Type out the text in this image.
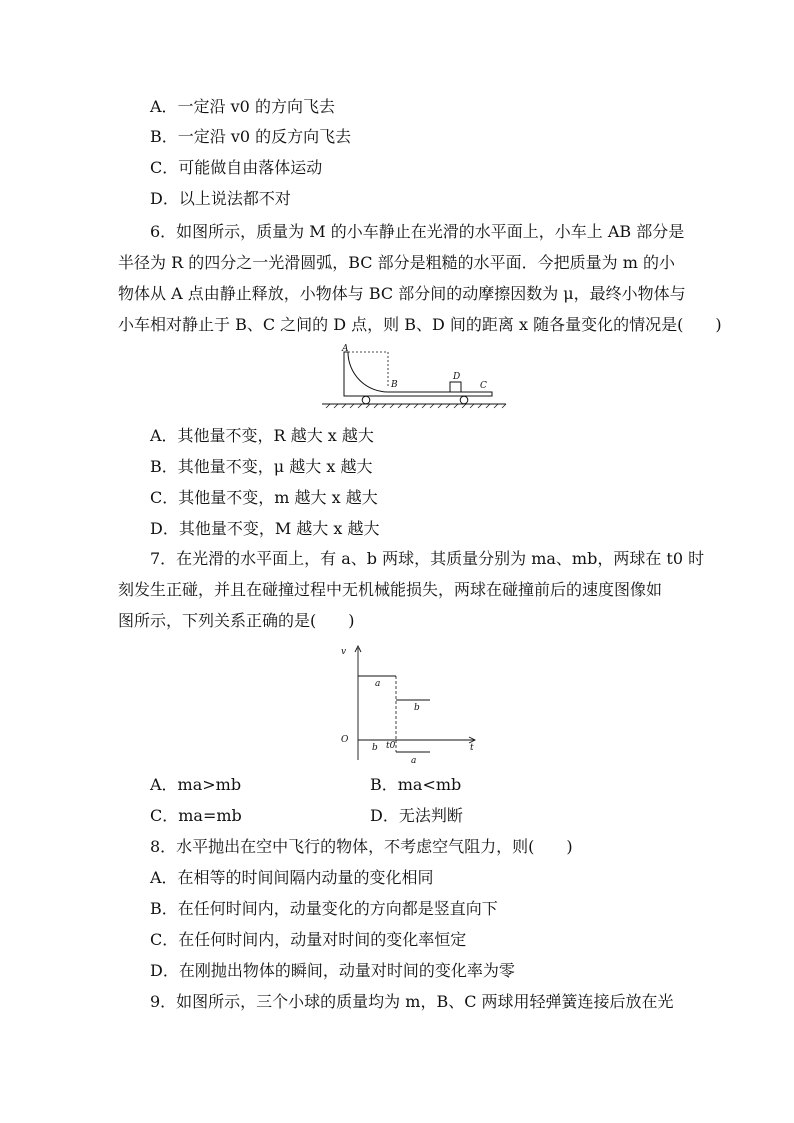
A．一定沿 v0 的方向飞去
B．一定沿 v0 的反方向飞去
C．可能做自由落体运动
D．以上说法都不对
6．如图所示，质量为 M 的小车静止在光滑的水平面上，小车上 AB 部分是
半径为 R 的四分之一光滑圆弧，BC 部分是粗糙的水平面．今把质量为 m 的小
物体从 A 点由静止释放，小物体与 BC 部分间的动摩擦因数为 μ，最终小物体与
小车相对静止于 B、C 之间的 D 点，则 B、D 间的距离 x 随各量变化的情况是(　　)
A
B
D
C
A．其他量不变，R 越大 x 越大
B．其他量不变，μ 越大 x 越大
C．其他量不变，m 越大 x 越大
D．其他量不变，M 越大 x 越大
7．在光滑的水平面上，有 a、b 两球，其质量分别为 ma、mb，两球在 t0 时
刻发生正碰，并且在碰撞过程中无机械能损失，两球在碰撞前后的速度图像如
图所示，下列关系正确的是(　　)
v
t
O
a
b
b t0
a
A．ma>mb	B．ma<mb
C．ma=mb	D．无法判断
8．水平抛出在空中飞行的物体，不考虑空气阻力，则(　　)
A．在相等的时间间隔内动量的变化相同
B．在任何时间内，动量变化的方向都是竖直向下
C．在任何时间内，动量对时间的变化率恒定
D．在刚抛出物体的瞬间，动量对时间的变化率为零
9．如图所示，三个小球的质量均为 m，B、C 两球用轻弹簧连接后放在光
